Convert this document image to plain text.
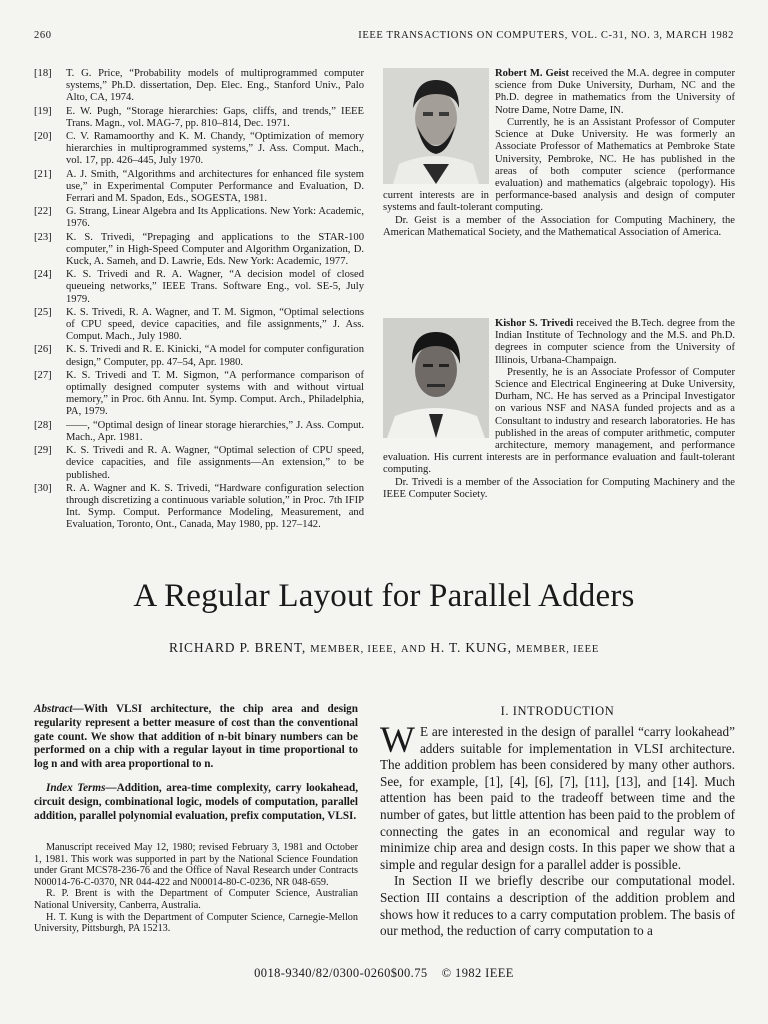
260	IEEE TRANSACTIONS ON COMPUTERS, VOL. C-31, NO. 3, MARCH 1982
[18] T. G. Price, “Probability models of multiprogrammed computer systems,” Ph.D. dissertation, Dep. Elec. Eng., Stanford Univ., Palo Alto, CA, 1974.
[19] E. W. Pugh, “Storage hierarchies: Gaps, cliffs, and trends,” IEEE Trans. Magn., vol. MAG-7, pp. 810–814, Dec. 1971.
[20] C. V. Ramamoorthy and K. M. Chandy, “Optimization of memory hierarchies in multiprogrammed systems,” J. Ass. Comput. Mach., vol. 17, pp. 426–445, July 1970.
[21] A. J. Smith, “Algorithms and architectures for enhanced file system use,” in Experimental Computer Performance and Evaluation, D. Ferrari and M. Spadon, Eds., SOGESTA, 1981.
[22] G. Strang, Linear Algebra and Its Applications. New York: Academic, 1976.
[23] K. S. Trivedi, “Prepaging and applications to the STAR-100 computer,” in High-Speed Computer and Algorithm Organization, D. Kuck, A. Sameh, and D. Lawrie, Eds. New York: Academic, 1977.
[24] K. S. Trivedi and R. A. Wagner, “A decision model of closed queueing networks,” IEEE Trans. Software Eng., vol. SE-5, July 1979.
[25] K. S. Trivedi, R. A. Wagner, and T. M. Sigmon, “Optimal selections of CPU speed, device capacities, and file assignments,” J. Ass. Comput. Mach., July 1980.
[26] K. S. Trivedi and R. E. Kinicki, “A model for computer configuration design,” Computer, pp. 47–54, Apr. 1980.
[27] K. S. Trivedi and T. M. Sigmon, “A performance comparison of optimally designed computer systems with and without virtual memory,” in Proc. 6th Annu. Int. Symp. Comput. Arch., Philadelphia, PA, 1979.
[28] ——, “Optimal design of linear storage hierarchies,” J. Ass. Comput. Mach., Apr. 1981.
[29] K. S. Trivedi and R. A. Wagner, “Optimal selection of CPU speed, device capacities, and file assignments—An extension,” to be published.
[30] R. A. Wagner and K. S. Trivedi, “Hardware configuration selection through discretizing a continuous variable solution,” in Proc. 7th IFIP Int. Symp. Comput. Performance Modeling, Measurement, and Evaluation, Toronto, Ont., Canada, May 1980, pp. 127–142.

Robert M. Geist received the M.A. degree in computer science from Duke University, Durham, NC and the Ph.D. degree in mathematics from the University of Notre Dame, Notre Dame, IN.

Currently, he is an Assistant Professor of Computer Science at Duke University. He was formerly an Associate Professor of Mathematics at Pembroke State University, Pembroke, NC. He has published in the areas of both computer science (performance evaluation) and mathematics (algebraic topology). His current interests are in performance-based analysis and design of computer systems and fault-tolerant computing.

Dr. Geist is a member of the Association for Computing Machinery, the American Mathematical Society, and the Mathematical Association of America.

Kishor S. Trivedi received the B.Tech. degree from the Indian Institute of Technology and the M.S. and Ph.D. degrees in computer science from the University of Illinois, Urbana-Champaign.

Presently, he is an Associate Professor of Computer Science and Electrical Engineering at Duke University, Durham, NC. He has served as a Principal Investigator on various NSF and NASA funded projects and as a Consultant to industry and research laboratories. He has published in the areas of computer arithmetic, computer architecture, memory management, and performance evaluation. His current interests are in performance evaluation and fault-tolerant computing.

Dr. Trivedi is a member of the Association for Computing Machinery and the IEEE Computer Society.

A Regular Layout for Parallel Adders
RICHARD P. BRENT, MEMBER, IEEE, AND H. T. KUNG, MEMBER, IEEE

Abstract—With VLSI architecture, the chip area and design regularity represent a better measure of cost than the conventional gate count. We show that addition of n-bit binary numbers can be performed on a chip with a regular layout in time proportional to log n and with area proportional to n.

Index Terms—Addition, area-time complexity, carry lookahead, circuit design, combinational logic, models of computation, parallel addition, parallel polynomial evaluation, prefix computation, VLSI.

Manuscript received May 12, 1980; revised February 3, 1981 and October 1, 1981. This work was supported in part by the National Science Foundation under Grant MCS78-236-76 and the Office of Naval Research under Contracts N00014-76-C-0370, NR 044-422 and N00014-80-C-0236, NR 048-659.

R. P. Brent is with the Department of Computer Science, Australian National University, Canberra, Australia.

H. T. Kung is with the Department of Computer Science, Carnegie-Mellon University, Pittsburgh, PA 15213.

I. INTRODUCTION

W E are interested in the design of parallel “carry lookahead” adders suitable for implementation in VLSI architecture. The addition problem has been considered by many other authors. See, for example, [1], [4], [6], [7], [11], [13], and [14]. Much attention has been paid to the tradeoff between time and the number of gates, but little attention has been paid to the problem of connecting the gates in an economical and regular way to minimize chip area and design costs. In this paper we show that a simple and regular design for a parallel adder is possible.

In Section II we briefly describe our computational model. Section III contains a description of the addition problem and shows how it reduces to a carry computation problem. The basis of our method, the reduction of carry computation to a

0018-9340/82/0300-0260$00.75 © 1982 IEEE
